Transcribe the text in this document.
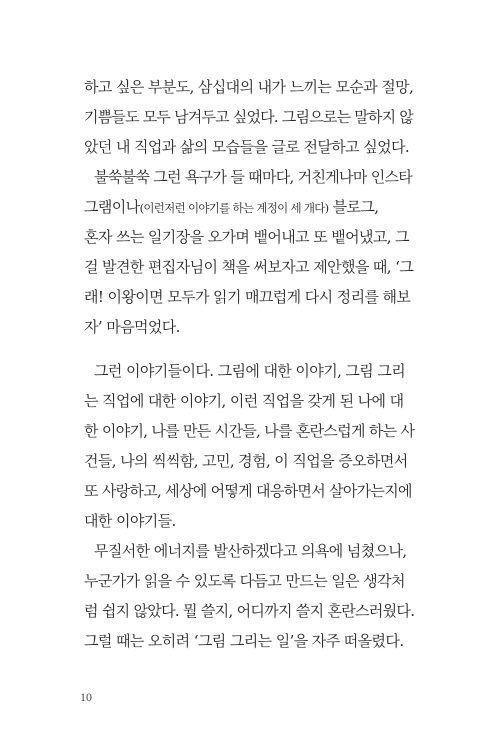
하고 싶은 부분도, 삼십대의 내가 느끼는 모순과 절망,
기쁨들도 모두 남겨두고 싶었다. 그림으로는 말하지 않
았던 내 직업과 삶의 모습들을 글로 전달하고 싶었다.
불쑥불쑥 그런 욕구가 들 때마다, 거친게나마 인스타
그램이나(이런저런 이야기를 하는 계정이 세 개다) 블로그,
혼자 쓰는 일기장을 오가며 뱉어내고 또 뱉어냈고, 그
걸 발견한 편집자님이 책을 써보자고 제안했을 때, ‘그
래! 이왕이면 모두가 읽기 매끄럽게 다시 정리를 해보
자’ 마음먹었다.
그런 이야기들이다. 그림에 대한 이야기, 그림 그리
는 직업에 대한 이야기, 이런 직업을 갖게 된 나에 대
한 이야기, 나를 만든 시간들, 나를 혼란스럽게 하는 사
건들, 나의 씩씩함, 고민, 경험, 이 직업을 증오하면서
또 사랑하고, 세상에 어떻게 대응하면서 살아가는지에
대한 이야기들.
무질서한 에너지를 발산하겠다고 의욕에 넘쳤으나,
누군가가 읽을 수 있도록 다듬고 만드는 일은 생각처
럼 쉽지 않았다. 뭘 쓸지, 어디까지 쓸지 혼란스러웠다.
그럴 때는 오히려 ‘그림 그리는 일’을 자주 떠올렸다.
10
